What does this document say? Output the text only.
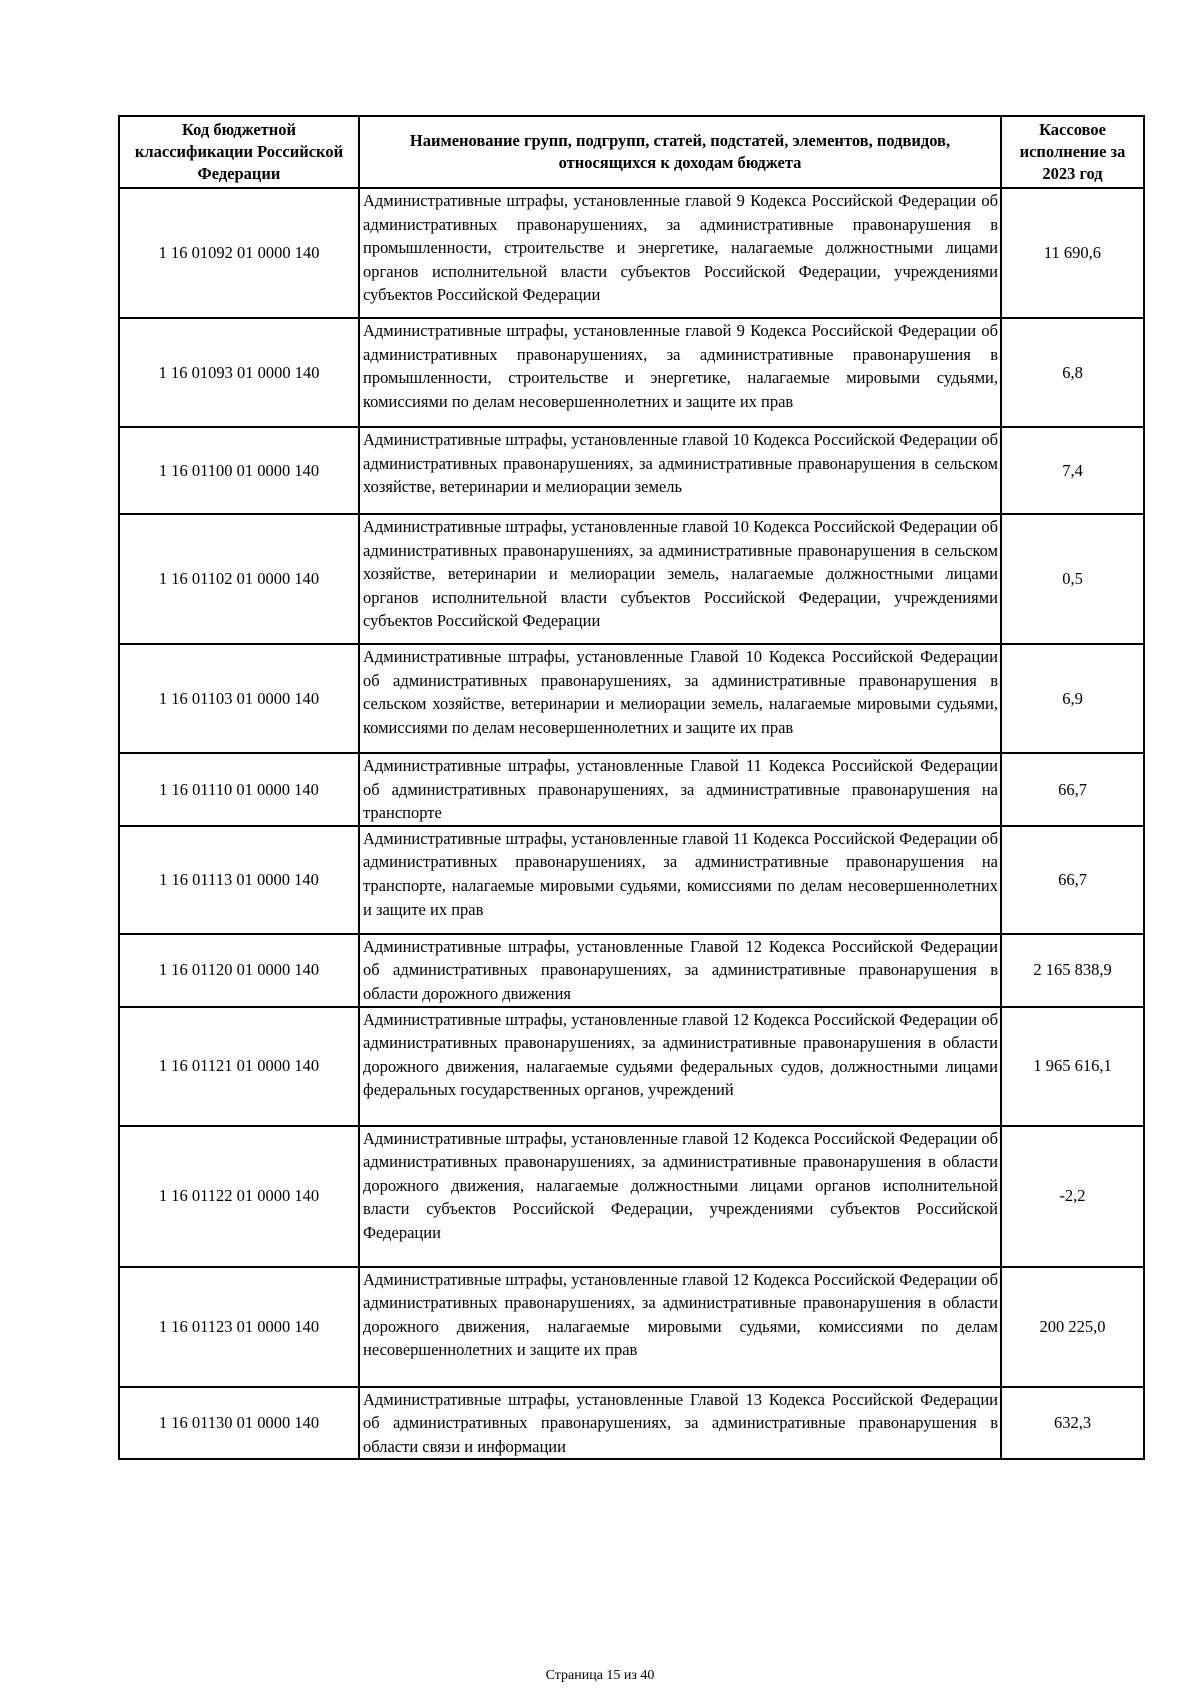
Код бюджетной классификации Российской Федерации	Наименование групп, подгрупп, статей, подстатей, элементов, подвидов, относящихся к доходам бюджета	Кассовое исполнение за 2023 год
1 16 01092 01 0000 140	Административные штрафы, установленные главой 9 Кодекса Российской Федерации об административных правонарушениях, за административные правонарушения в промышленности, строительстве и энергетике, налагаемые должностными лицами органов исполнительной власти субъектов Российской Федерации, учреждениями субъектов Российской Федерации	11 690,6
1 16 01093 01 0000 140	Административные штрафы, установленные главой 9 Кодекса Российской Федерации об административных правонарушениях, за административные правонарушения в промышленности, строительстве и энергетике, налагаемые мировыми судьями, комиссиями по делам несовершеннолетних и защите их прав	6,8
1 16 01100 01 0000 140	Административные штрафы, установленные главой 10 Кодекса Российской Федерации об административных правонарушениях, за административные правонарушения в сельском хозяйстве, ветеринарии и мелиорации земель	7,4
1 16 01102 01 0000 140	Административные штрафы, установленные главой 10 Кодекса Российской Федерации об административных правонарушениях, за административные правонарушения в сельском хозяйстве, ветеринарии и мелиорации земель, налагаемые должностными лицами органов исполнительной власти субъектов Российской Федерации, учреждениями субъектов Российской Федерации	0,5
1 16 01103 01 0000 140	Административные штрафы, установленные Главой 10 Кодекса Российской Федерации об административных правонарушениях, за административные правонарушения в сельском хозяйстве, ветеринарии и мелиорации земель, налагаемые мировыми судьями, комиссиями по делам несовершеннолетних и защите их прав	6,9
1 16 01110 01 0000 140	Административные штрафы, установленные Главой 11 Кодекса Российской Федерации об административных правонарушениях, за административные правонарушения на транспорте	66,7
1 16 01113 01 0000 140	Административные штрафы, установленные главой 11 Кодекса Российской Федерации об административных правонарушениях, за административные правонарушения на транспорте, налагаемые мировыми судьями, комиссиями по делам несовершеннолетних и защите их прав	66,7
1 16 01120 01 0000 140	Административные штрафы, установленные Главой 12 Кодекса Российской Федерации об административных правонарушениях, за административные правонарушения в области дорожного движения	2 165 838,9
1 16 01121 01 0000 140	Административные штрафы, установленные главой 12 Кодекса Российской Федерации об административных правонарушениях, за административные правонарушения в области дорожного движения, налагаемые судьями федеральных судов, должностными лицами федеральных государственных органов, учреждений	1 965 616,1
1 16 01122 01 0000 140	Административные штрафы, установленные главой 12 Кодекса Российской Федерации об административных правонарушениях, за административные правонарушения в области дорожного движения, налагаемые должностными лицами органов исполнительной власти субъектов Российской Федерации, учреждениями субъектов Российской Федерации	-2,2
1 16 01123 01 0000 140	Административные штрафы, установленные главой 12 Кодекса Российской Федерации об административных правонарушениях, за административные правонарушения в области дорожного движения, налагаемые мировыми судьями, комиссиями по делам несовершеннолетних и защите их прав	200 225,0
1 16 01130 01 0000 140	Административные штрафы, установленные Главой 13 Кодекса Российской Федерации об административных правонарушениях, за административные правонарушения в области связи и информации	632,3
Страница 15 из 40
